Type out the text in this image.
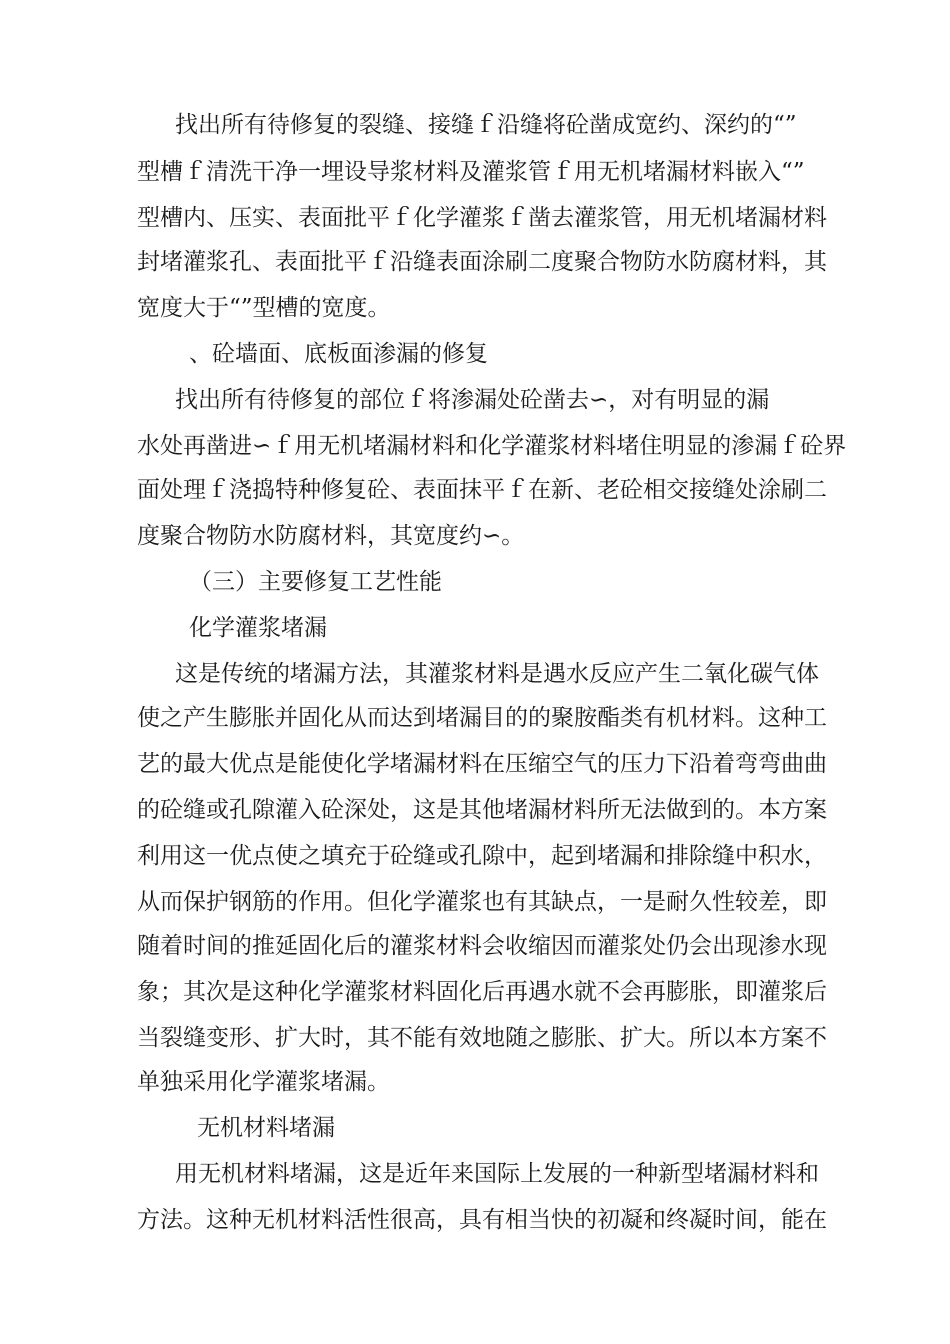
找出所有待修复的裂缝、接缝ｆ沿缝将砼凿成宽约、深约的“”
型槽ｆ清洗干净一埋设导浆材料及灌浆管ｆ用无机堵漏材料嵌入“”
型槽内、压实、表面批平ｆ化学灌浆ｆ凿去灌浆管，用无机堵漏材料
封堵灌浆孔、表面批平ｆ沿缝表面涂刷二度聚合物防水防腐材料，其
宽度大于“”型槽的宽度。
、砼墙面、底板面渗漏的修复
找出所有待修复的部位ｆ将渗漏处砼凿去∽，对有明显的漏
水处再凿进∽ｆ用无机堵漏材料和化学灌浆材料堵住明显的渗漏ｆ砼界
面处理ｆ浇捣特种修复砼、表面抹平ｆ在新、老砼相交接缝处涂刷二
度聚合物防水防腐材料，其宽度约∽。
（三）主要修复工艺性能
化学灌浆堵漏
这是传统的堵漏方法，其灌浆材料是遇水反应产生二氧化碳气体
使之产生膨胀并固化从而达到堵漏目的的聚胺酯类有机材料。这种工
艺的最大优点是能使化学堵漏材料在压缩空气的压力下沿着弯弯曲曲
的砼缝或孔隙灌入砼深处，这是其他堵漏材料所无法做到的。本方案
利用这一优点使之填充于砼缝或孔隙中，起到堵漏和排除缝中积水，
从而保护钢筋的作用。但化学灌浆也有其缺点，一是耐久性较差，即
随着时间的推延固化后的灌浆材料会收缩因而灌浆处仍会出现渗水现
象；其次是这种化学灌浆材料固化后再遇水就不会再膨胀，即灌浆后
当裂缝变形、扩大时，其不能有效地随之膨胀、扩大。所以本方案不
单独采用化学灌浆堵漏。
无机材料堵漏
用无机材料堵漏，这是近年来国际上发展的一种新型堵漏材料和
方法。这种无机材料活性很高，具有相当快的初凝和终凝时间，能在
